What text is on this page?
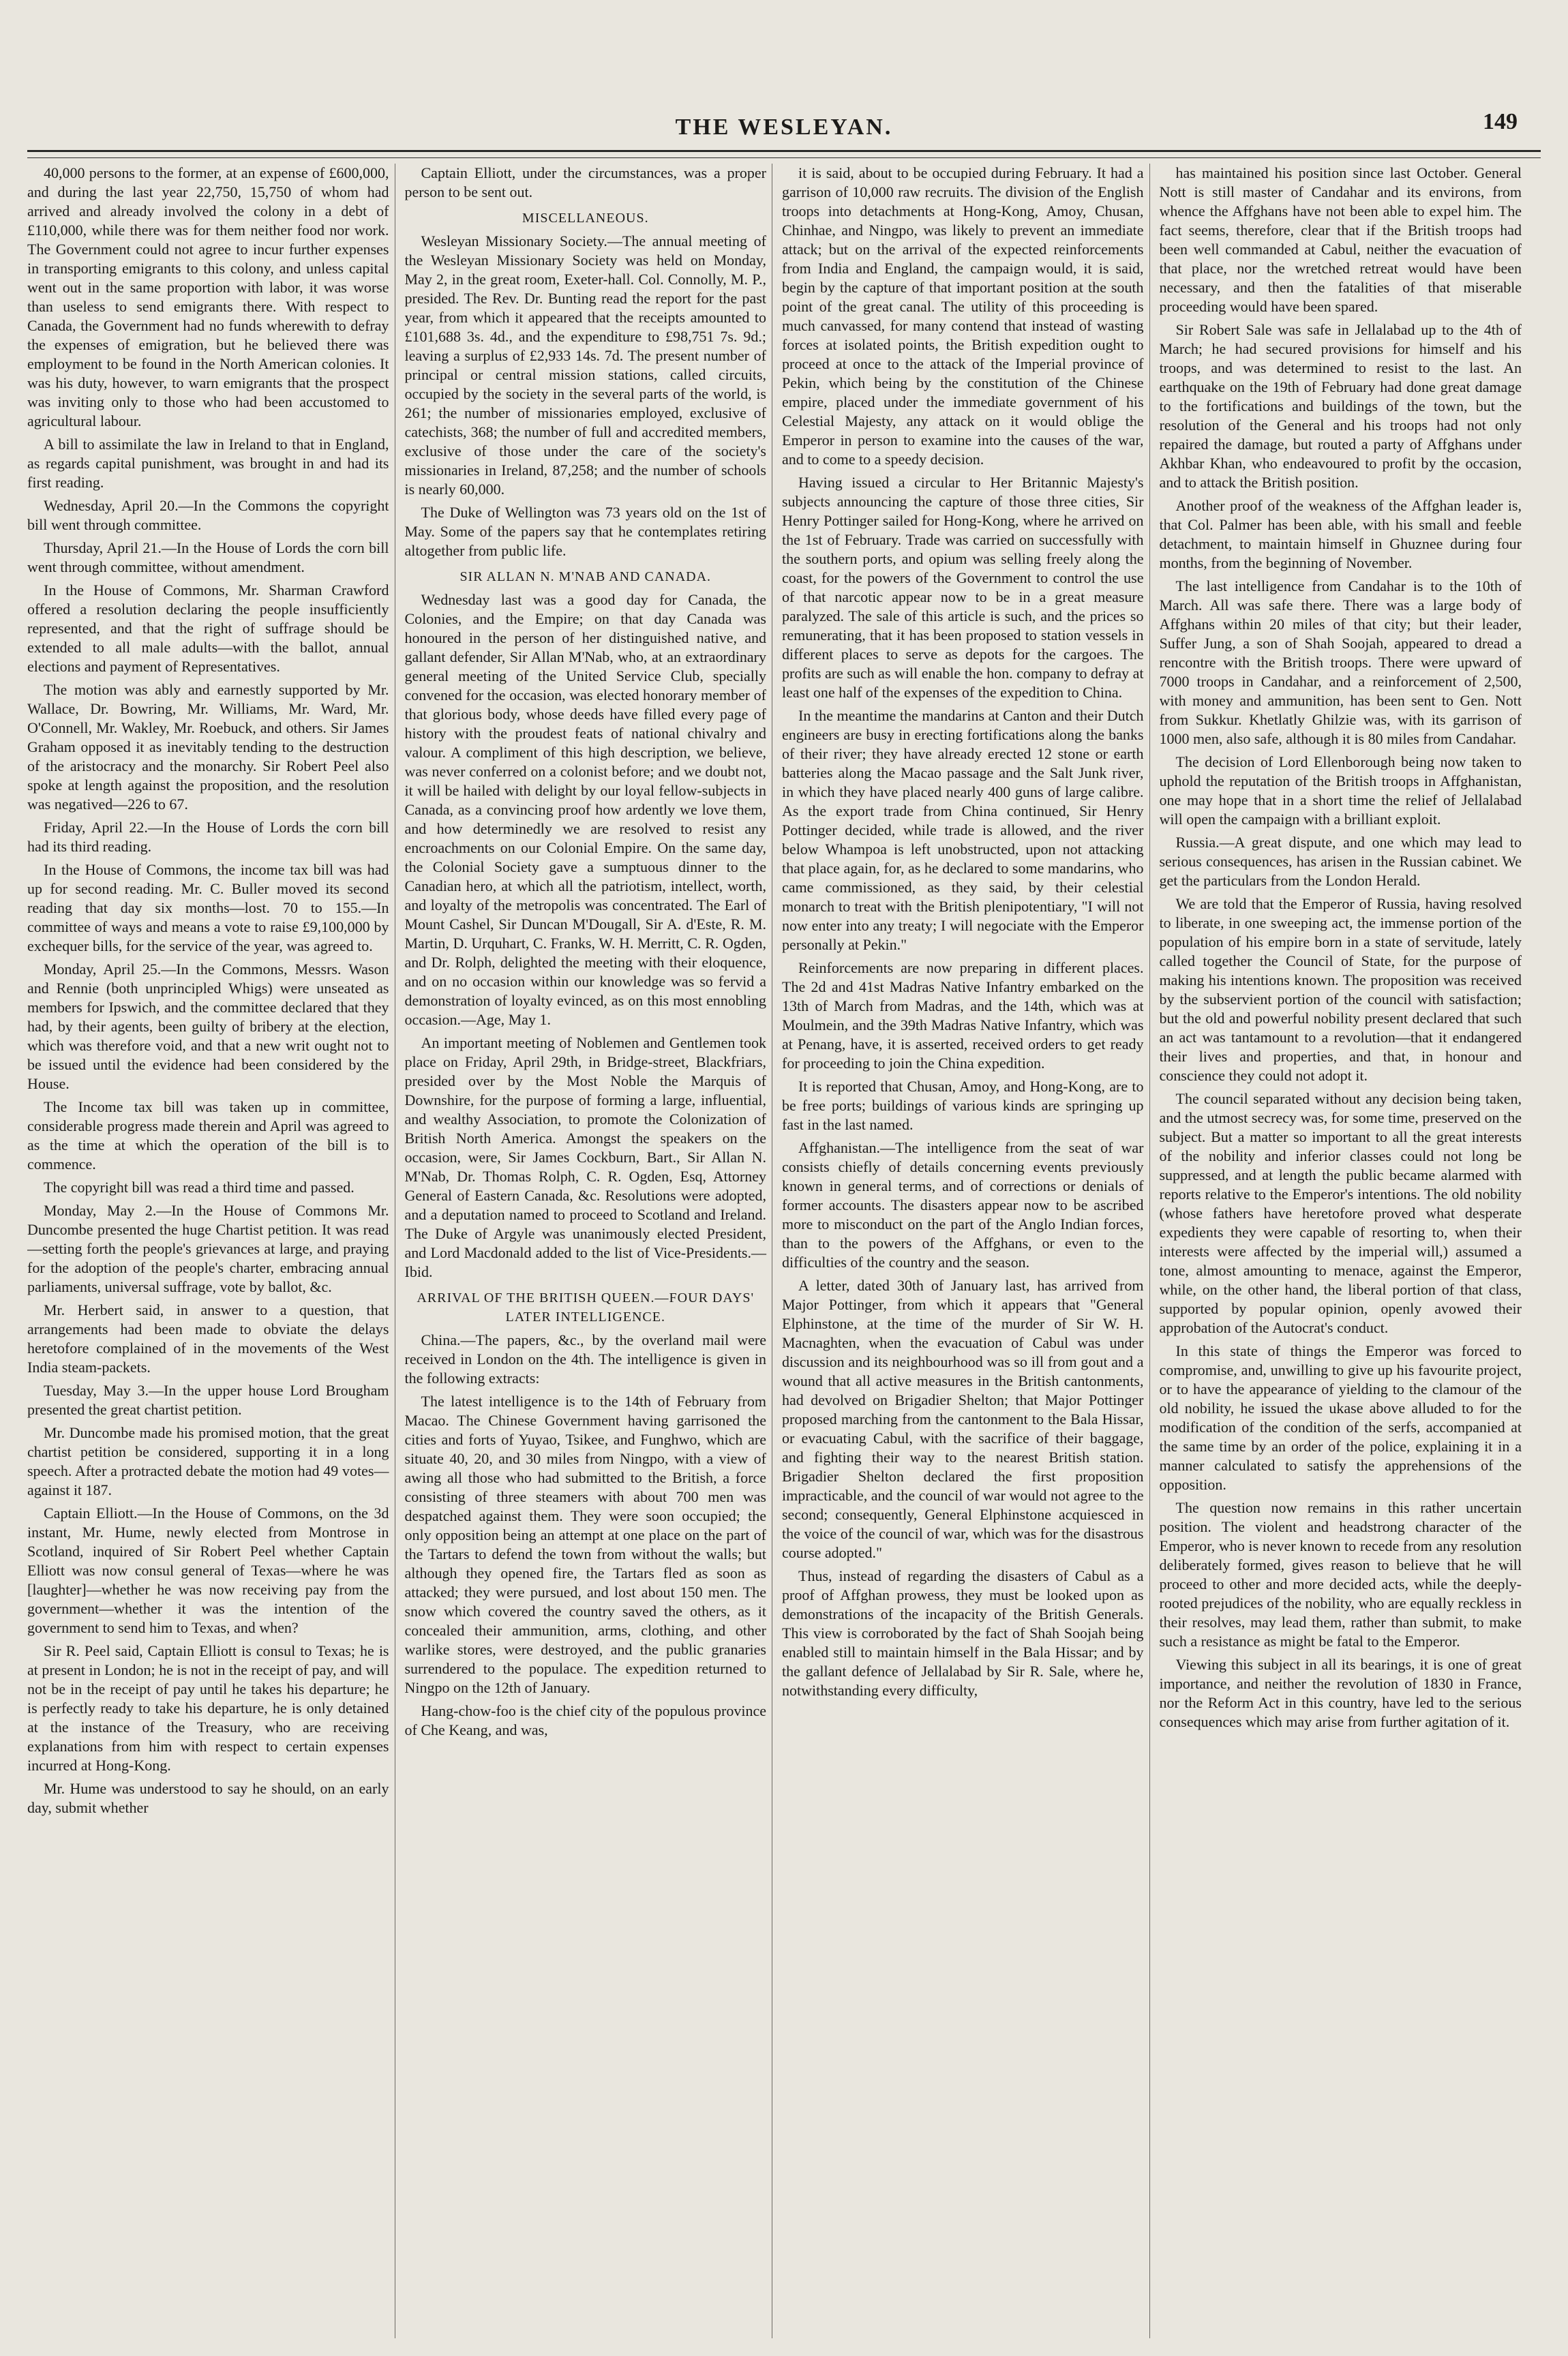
THE WESLEYAN.	149

40,000 persons to the former, at an expense of £600,000, and during the last year 22,750, 15,750 of whom had arrived and already involved the colony in a debt of £110,000, while there was for them neither food nor work. The Government could not agree to incur further expenses in transporting emigrants to this colony, and unless capital went out in the same proportion with labor, it was worse than useless to send emigrants there. With respect to Canada, the Government had no funds wherewith to defray the expenses of emigration, but he believed there was employment to be found in the North American colonies. It was his duty, however, to warn emigrants that the prospect was inviting only to those who had been accustomed to agricultural labour.

A bill to assimilate the law in Ireland to that in England, as regards capital punishment, was brought in and had its first reading.

Wednesday, April 20.—In the Commons the copyright bill went through committee.

Thursday, April 21.—In the House of Lords the corn bill went through committee, without amendment.

In the House of Commons, Mr. Sharman Crawford offered a resolution declaring the people insufficiently represented, and that the right of suffrage should be extended to all male adults—with the ballot, annual elections and payment of Representatives.

The motion was ably and earnestly supported by Mr. Wallace, Dr. Bowring, Mr. Williams, Mr. Ward, Mr. O'Connell, Mr. Wakley, Mr. Roebuck, and others. Sir James Graham opposed it as inevitably tending to the destruction of the aristocracy and the monarchy. Sir Robert Peel also spoke at length against the proposition, and the resolution was negatived—226 to 67.

Friday, April 22.—In the House of Lords the corn bill had its third reading.

In the House of Commons, the income tax bill was had up for second reading. Mr. C. Buller moved its second reading that day six months—lost. 70 to 155.—In committee of ways and means a vote to raise £9,100,000 by exchequer bills, for the service of the year, was agreed to.

Monday, April 25.—In the Commons, Messrs. Wason and Rennie (both unprincipled Whigs) were unseated as members for Ipswich, and the committee declared that they had, by their agents, been guilty of bribery at the election, which was therefore void, and that a new writ ought not to be issued until the evidence had been considered by the House.

The Income tax bill was taken up in committee, considerable progress made therein and April was agreed to as the time at which the operation of the bill is to commence.

The copyright bill was read a third time and passed.

Monday, May 2.—In the House of Commons Mr. Duncombe presented the huge Chartist petition. It was read—setting forth the people's grievances at large, and praying for the adoption of the people's charter, embracing annual parliaments, universal suffrage, vote by ballot, &c.

Mr. Herbert said, in answer to a question, that arrangements had been made to obviate the delays heretofore complained of in the movements of the West India steam-packets.

Tuesday, May 3.—In the upper house Lord Brougham presented the great chartist petition.

Mr. Duncombe made his promised motion, that the great chartist petition be considered, supporting it in a long speech. After a protracted debate the motion had 49 votes—against it 187.

Captain Elliott.—In the House of Commons, on the 3d instant, Mr. Hume, newly elected from Montrose in Scotland, inquired of Sir Robert Peel whether Captain Elliott was now consul general of Texas—where he was [laughter]—whether he was now receiving pay from the government—whether it was the intention of the government to send him to Texas, and when?

Sir R. Peel said, Captain Elliott is consul to Texas; he is at present in London; he is not in the receipt of pay, and will not be in the receipt of pay until he takes his departure; he is perfectly ready to take his departure, he is only detained at the instance of the Treasury, who are receiving explanations from him with respect to certain expenses incurred at Hong-Kong.

Mr. Hume was understood to say he should, on an early day, submit whether

Captain Elliott, under the circumstances, was a proper person to be sent out.

MISCELLANEOUS.

Wesleyan Missionary Society.—The annual meeting of the Wesleyan Missionary Society was held on Monday, May 2, in the great room, Exeter-hall. Col. Connolly, M. P., presided. The Rev. Dr. Bunting read the report for the past year, from which it appeared that the receipts amounted to £101,688 3s. 4d., and the expenditure to £98,751 7s. 9d.; leaving a surplus of £2,933 14s. 7d. The present number of principal or central mission stations, called circuits, occupied by the society in the several parts of the world, is 261; the number of missionaries employed, exclusive of catechists, 368; the number of full and accredited members, exclusive of those under the care of the society's missionaries in Ireland, 87,258; and the number of schools is nearly 60,000.

The Duke of Wellington was 73 years old on the 1st of May. Some of the papers say that he contemplates retiring altogether from public life.

SIR ALLAN N. M'NAB AND CANADA.

Wednesday last was a good day for Canada, the Colonies, and the Empire; on that day Canada was honoured in the person of her distinguished native, and gallant defender, Sir Allan M'Nab, who, at an extraordinary general meeting of the United Service Club, specially convened for the occasion, was elected honorary member of that glorious body, whose deeds have filled every page of history with the proudest feats of national chivalry and valour. A compliment of this high description, we believe, was never conferred on a colonist before; and we doubt not, it will be hailed with delight by our loyal fellow-subjects in Canada, as a convincing proof how ardently we love them, and how determinedly we are resolved to resist any encroachments on our Colonial Empire. On the same day, the Colonial Society gave a sumptuous dinner to the Canadian hero, at which all the patriotism, intellect, worth, and loyalty of the metropolis was concentrated. The Earl of Mount Cashel, Sir Duncan M'Dougall, Sir A. d'Este, R. M. Martin, D. Urquhart, C. Franks, W. H. Merritt, C. R. Ogden, and Dr. Rolph, delighted the meeting with their eloquence, and on no occasion within our knowledge was so fervid a demonstration of loyalty evinced, as on this most ennobling occasion.—Age, May 1.

An important meeting of Noblemen and Gentlemen took place on Friday, April 29th, in Bridge-street, Blackfriars, presided over by the Most Noble the Marquis of Downshire, for the purpose of forming a large, influential, and wealthy Association, to promote the Colonization of British North America. Amongst the speakers on the occasion, were, Sir James Cockburn, Bart., Sir Allan N. M'Nab, Dr. Thomas Rolph, C. R. Ogden, Esq, Attorney General of Eastern Canada, &c. Resolutions were adopted, and a deputation named to proceed to Scotland and Ireland. The Duke of Argyle was unanimously elected President, and Lord Macdonald added to the list of Vice-Presidents.—Ibid.

ARRIVAL OF THE BRITISH QUEEN.—FOUR DAYS' LATER INTELLIGENCE.

China.—The papers, &c., by the overland mail were received in London on the 4th. The intelligence is given in the following extracts:

The latest intelligence is to the 14th of February from Macao. The Chinese Government having garrisoned the cities and forts of Yuyao, Tsikee, and Funghwo, which are situate 40, 20, and 30 miles from Ningpo, with a view of awing all those who had submitted to the British, a force consisting of three steamers with about 700 men was despatched against them. They were soon occupied; the only opposition being an attempt at one place on the part of the Tartars to defend the town from without the walls; but although they opened fire, the Tartars fled as soon as attacked; they were pursued, and lost about 150 men. The snow which covered the country saved the others, as it concealed their ammunition, arms, clothing, and other warlike stores, were destroyed, and the public granaries surrendered to the populace. The expedition returned to Ningpo on the 12th of January.

Hang-chow-foo is the chief city of the populous province of Che Keang, and was,

it is said, about to be occupied during February. It had a garrison of 10,000 raw recruits. The division of the English troops into detachments at Hong-Kong, Amoy, Chusan, Chinhae, and Ningpo, was likely to prevent an immediate attack; but on the arrival of the expected reinforcements from India and England, the campaign would, it is said, begin by the capture of that important position at the south point of the great canal. The utility of this proceeding is much canvassed, for many contend that instead of wasting forces at isolated points, the British expedition ought to proceed at once to the attack of the Imperial province of Pekin, which being by the constitution of the Chinese empire, placed under the immediate government of his Celestial Majesty, any attack on it would oblige the Emperor in person to examine into the causes of the war, and to come to a speedy decision.

Having issued a circular to Her Britannic Majesty's subjects announcing the capture of those three cities, Sir Henry Pottinger sailed for Hong-Kong, where he arrived on the 1st of February. Trade was carried on successfully with the southern ports, and opium was selling freely along the coast, for the powers of the Government to control the use of that narcotic appear now to be in a great measure paralyzed. The sale of this article is such, and the prices so remunerating, that it has been proposed to station vessels in different places to serve as depots for the cargoes. The profits are such as will enable the hon. company to defray at least one half of the expenses of the expedition to China.

In the meantime the mandarins at Canton and their Dutch engineers are busy in erecting fortifications along the banks of their river; they have already erected 12 stone or earth batteries along the Macao passage and the Salt Junk river, in which they have placed nearly 400 guns of large calibre. As the export trade from China continued, Sir Henry Pottinger decided, while trade is allowed, and the river below Whampoa is left unobstructed, upon not attacking that place again, for, as he declared to some mandarins, who came commissioned, as they said, by their celestial monarch to treat with the British plenipotentiary, "I will not now enter into any treaty; I will negociate with the Emperor personally at Pekin."

Reinforcements are now preparing in different places. The 2d and 41st Madras Native Infantry embarked on the 13th of March from Madras, and the 14th, which was at Moulmein, and the 39th Madras Native Infantry, which was at Penang, have, it is asserted, received orders to get ready for proceeding to join the China expedition.

It is reported that Chusan, Amoy, and Hong-Kong, are to be free ports; buildings of various kinds are springing up fast in the last named.

Affghanistan.—The intelligence from the seat of war consists chiefly of details concerning events previously known in general terms, and of corrections or denials of former accounts. The disasters appear now to be ascribed more to misconduct on the part of the Anglo Indian forces, than to the powers of the Affghans, or even to the difficulties of the country and the season.

A letter, dated 30th of January last, has arrived from Major Pottinger, from which it appears that "General Elphinstone, at the time of the murder of Sir W. H. Macnaghten, when the evacuation of Cabul was under discussion and its neighbourhood was so ill from gout and a wound that all active measures in the British cantonments, had devolved on Brigadier Shelton; that Major Pottinger proposed marching from the cantonment to the Bala Hissar, or evacuating Cabul, with the sacrifice of their baggage, and fighting their way to the nearest British station. Brigadier Shelton declared the first proposition impracticable, and the council of war would not agree to the second; consequently, General Elphinstone acquiesced in the voice of the council of war, which was for the disastrous course adopted."

Thus, instead of regarding the disasters of Cabul as a proof of Affghan prowess, they must be looked upon as demonstrations of the incapacity of the British Generals. This view is corroborated by the fact of Shah Soojah being enabled still to maintain himself in the Bala Hissar; and by the gallant defence of Jellalabad by Sir R. Sale, where he, notwithstanding every difficulty,

has maintained his position since last October. General Nott is still master of Candahar and its environs, from whence the Affghans have not been able to expel him. The fact seems, therefore, clear that if the British troops had been well commanded at Cabul, neither the evacuation of that place, nor the wretched retreat would have been necessary, and then the fatalities of that miserable proceeding would have been spared.

Sir Robert Sale was safe in Jellalabad up to the 4th of March; he had secured provisions for himself and his troops, and was determined to resist to the last. An earthquake on the 19th of February had done great damage to the fortifications and buildings of the town, but the resolution of the General and his troops had not only repaired the damage, but routed a party of Affghans under Akhbar Khan, who endeavoured to profit by the occasion, and to attack the British position.

Another proof of the weakness of the Affghan leader is, that Col. Palmer has been able, with his small and feeble detachment, to maintain himself in Ghuznee during four months, from the beginning of November.

The last intelligence from Candahar is to the 10th of March. All was safe there. There was a large body of Affghans within 20 miles of that city; but their leader, Suffer Jung, a son of Shah Soojah, appeared to dread a rencontre with the British troops. There were upward of 7000 troops in Candahar, and a reinforcement of 2,500, with money and ammunition, has been sent to Gen. Nott from Sukkur. Khetlatly Ghilzie was, with its garrison of 1000 men, also safe, although it is 80 miles from Candahar.

The decision of Lord Ellenborough being now taken to uphold the reputation of the British troops in Affghanistan, one may hope that in a short time the relief of Jellalabad will open the campaign with a brilliant exploit.

Russia.—A great dispute, and one which may lead to serious consequences, has arisen in the Russian cabinet. We get the particulars from the London Herald.

We are told that the Emperor of Russia, having resolved to liberate, in one sweeping act, the immense portion of the population of his empire born in a state of servitude, lately called together the Council of State, for the purpose of making his intentions known. The proposition was received by the subservient portion of the council with satisfaction; but the old and powerful nobility present declared that such an act was tantamount to a revolution—that it endangered their lives and properties, and that, in honour and conscience they could not adopt it.

The council separated without any decision being taken, and the utmost secrecy was, for some time, preserved on the subject. But a matter so important to all the great interests of the nobility and inferior classes could not long be suppressed, and at length the public became alarmed with reports relative to the Emperor's intentions. The old nobility (whose fathers have heretofore proved what desperate expedients they were capable of resorting to, when their interests were affected by the imperial will,) assumed a tone, almost amounting to menace, against the Emperor, while, on the other hand, the liberal portion of that class, supported by popular opinion, openly avowed their approbation of the Autocrat's conduct.

In this state of things the Emperor was forced to compromise, and, unwilling to give up his favourite project, or to have the appearance of yielding to the clamour of the old nobility, he issued the ukase above alluded to for the modification of the condition of the serfs, accompanied at the same time by an order of the police, explaining it in a manner calculated to satisfy the apprehensions of the opposition.

The question now remains in this rather uncertain position. The violent and headstrong character of the Emperor, who is never known to recede from any resolution deliberately formed, gives reason to believe that he will proceed to other and more decided acts, while the deeply-rooted prejudices of the nobility, who are equally reckless in their resolves, may lead them, rather than submit, to make such a resistance as might be fatal to the Emperor.

Viewing this subject in all its bearings, it is one of great importance, and neither the revolution of 1830 in France, nor the Reform Act in this country, have led to the serious consequences which may arise from further agitation of it.
